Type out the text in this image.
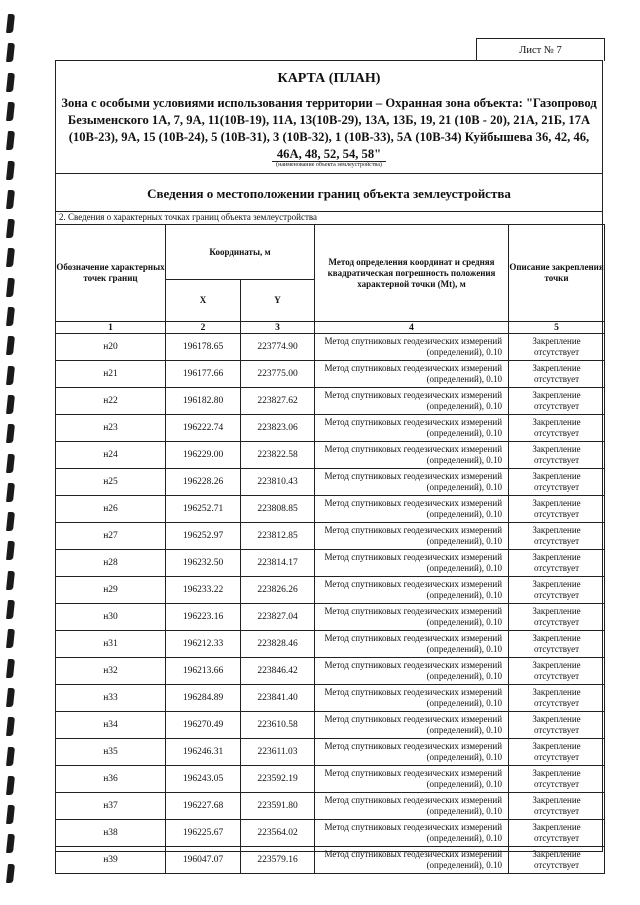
Лист № 7
КАРТА (ПЛАН)
Зона с особыми условиями использования территории – Охранная зона объекта: "Газопровод Безыменского 1А, 7, 9А, 11(10В-19), 11А, 13(10В-29), 13А, 13Б, 19, 21 (10В - 20), 21А, 21Б, 17А (10В-23), 9А, 15 (10В-24), 5 (10В-31), 3 (10В-32), 1 (10В-33), 5А (10В-34) Куйбышева 36, 42, 46, 46А, 48, 52, 54, 58"
(наименование объекта землеустройства)
Сведения о местоположении границ объекта землеустройства
2. Сведения о характерных точках границ объекта землеустройства
Обозначение характерных точек границ	Координаты, м		Метод определения координат и средняя квадратическая погрешность положения характерной точки (Мt), м	Описание закрепления точки
	X	Y		
1	2	3	4	5
н20	196178.65	223774.90	Метод спутниковых геодезических измерений (определений), 0.10	Закрепление отсутствует
н21	196177.66	223775.00	Метод спутниковых геодезических измерений (определений), 0.10	Закрепление отсутствует
н22	196182.80	223827.62	Метод спутниковых геодезических измерений (определений), 0.10	Закрепление отсутствует
н23	196222.74	223823.06	Метод спутниковых геодезических измерений (определений), 0.10	Закрепление отсутствует
н24	196229.00	223822.58	Метод спутниковых геодезических измерений (определений), 0.10	Закрепление отсутствует
н25	196228.26	223810.43	Метод спутниковых геодезических измерений (определений), 0.10	Закрепление отсутствует
н26	196252.71	223808.85	Метод спутниковых геодезических измерений (определений), 0.10	Закрепление отсутствует
н27	196252.97	223812.85	Метод спутниковых геодезических измерений (определений), 0.10	Закрепление отсутствует
н28	196232.50	223814.17	Метод спутниковых геодезических измерений (определений), 0.10	Закрепление отсутствует
н29	196233.22	223826.26	Метод спутниковых геодезических измерений (определений), 0.10	Закрепление отсутствует
н30	196223.16	223827.04	Метод спутниковых геодезических измерений (определений), 0.10	Закрепление отсутствует
н31	196212.33	223828.46	Метод спутниковых геодезических измерений (определений), 0.10	Закрепление отсутствует
н32	196213.66	223846.42	Метод спутниковых геодезических измерений (определений), 0.10	Закрепление отсутствует
н33	196284.89	223841.40	Метод спутниковых геодезических измерений (определений), 0.10	Закрепление отсутствует
н34	196270.49	223610.58	Метод спутниковых геодезических измерений (определений), 0.10	Закрепление отсутствует
н35	196246.31	223611.03	Метод спутниковых геодезических измерений (определений), 0.10	Закрепление отсутствует
н36	196243.05	223592.19	Метод спутниковых геодезических измерений (определений), 0.10	Закрепление отсутствует
н37	196227.68	223591.80	Метод спутниковых геодезических измерений (определений), 0.10	Закрепление отсутствует
н38	196225.67	223564.02	Метод спутниковых геодезических измерений (определений), 0.10	Закрепление отсутствует
н39	196047.07	223579.16	Метод спутниковых геодезических измерений (определений), 0.10	Закрепление отсутствует
